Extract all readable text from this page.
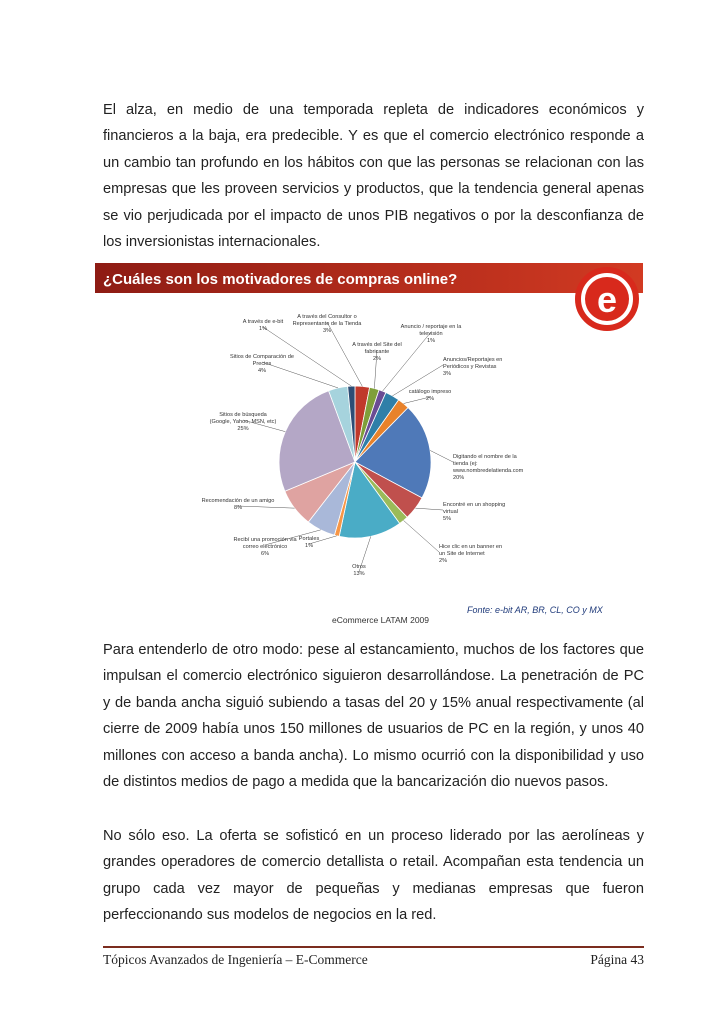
El alza, en medio de una temporada repleta de indicadores económicos y financieros a la baja, era predecible. Y es que el comercio electrónico responde a un cambio tan profundo en los hábitos con que las personas se relacionan con las empresas que les proveen servicios y productos, que la tendencia general apenas se vio perjudicada por el impacto de unos PIB negativos o por la desconfianza de los inversionistas internacionales.

¿Cuáles son los motivadores de compras online?	e
A través del Consultor o Representante de la Tienda 3%
A través del Site del fabricante 2%
Anuncio / reportaje en la televisión 1%
Anuncios/Reportajes en Periódicos y Revistas 3%
catálogo impreso 2%
Digitando el nombre de la tienda (ej: www.nombredelatienda.com 20%
Encontré en un shopping virtual 5%
Hice clic en un banner en un Site de Internet 2%
Otros 13%
Portales 1%
Recibí una promoción via correo electrónico 6%
Recomendación de un amigo 8%
Sitios de búsqueda (Google, Yahoo, MSN, etc) 25%
Sitios de Comparación de Precios 4%
A través de e-bit 1%
Fonte: e-bit AR, BR, CL, CO y MX
eCommerce LATAM 2009

Para entenderlo de otro modo: pese al estancamiento, muchos de los factores que impulsan el comercio electrónico siguieron desarrollándose. La penetración de PC y de banda ancha siguió subiendo a tasas del 20 y 15% anual respectivamente (al cierre de 2009 había unos 150 millones de usuarios de PC en la región, y unos 40 millones con acceso a banda ancha). Lo mismo ocurrió con la disponibilidad y uso de distintos medios de pago a medida que la bancarización dio nuevos pasos.

No sólo eso. La oferta se sofisticó en un proceso liderado por las aerolíneas y grandes operadores de comercio detallista o retail. Acompañan esta tendencia un grupo cada vez mayor de pequeñas y medianas empresas que fueron perfeccionando sus modelos de negocios en la red.

Tópicos Avanzados de Ingeniería – E-Commerce	Página 43
